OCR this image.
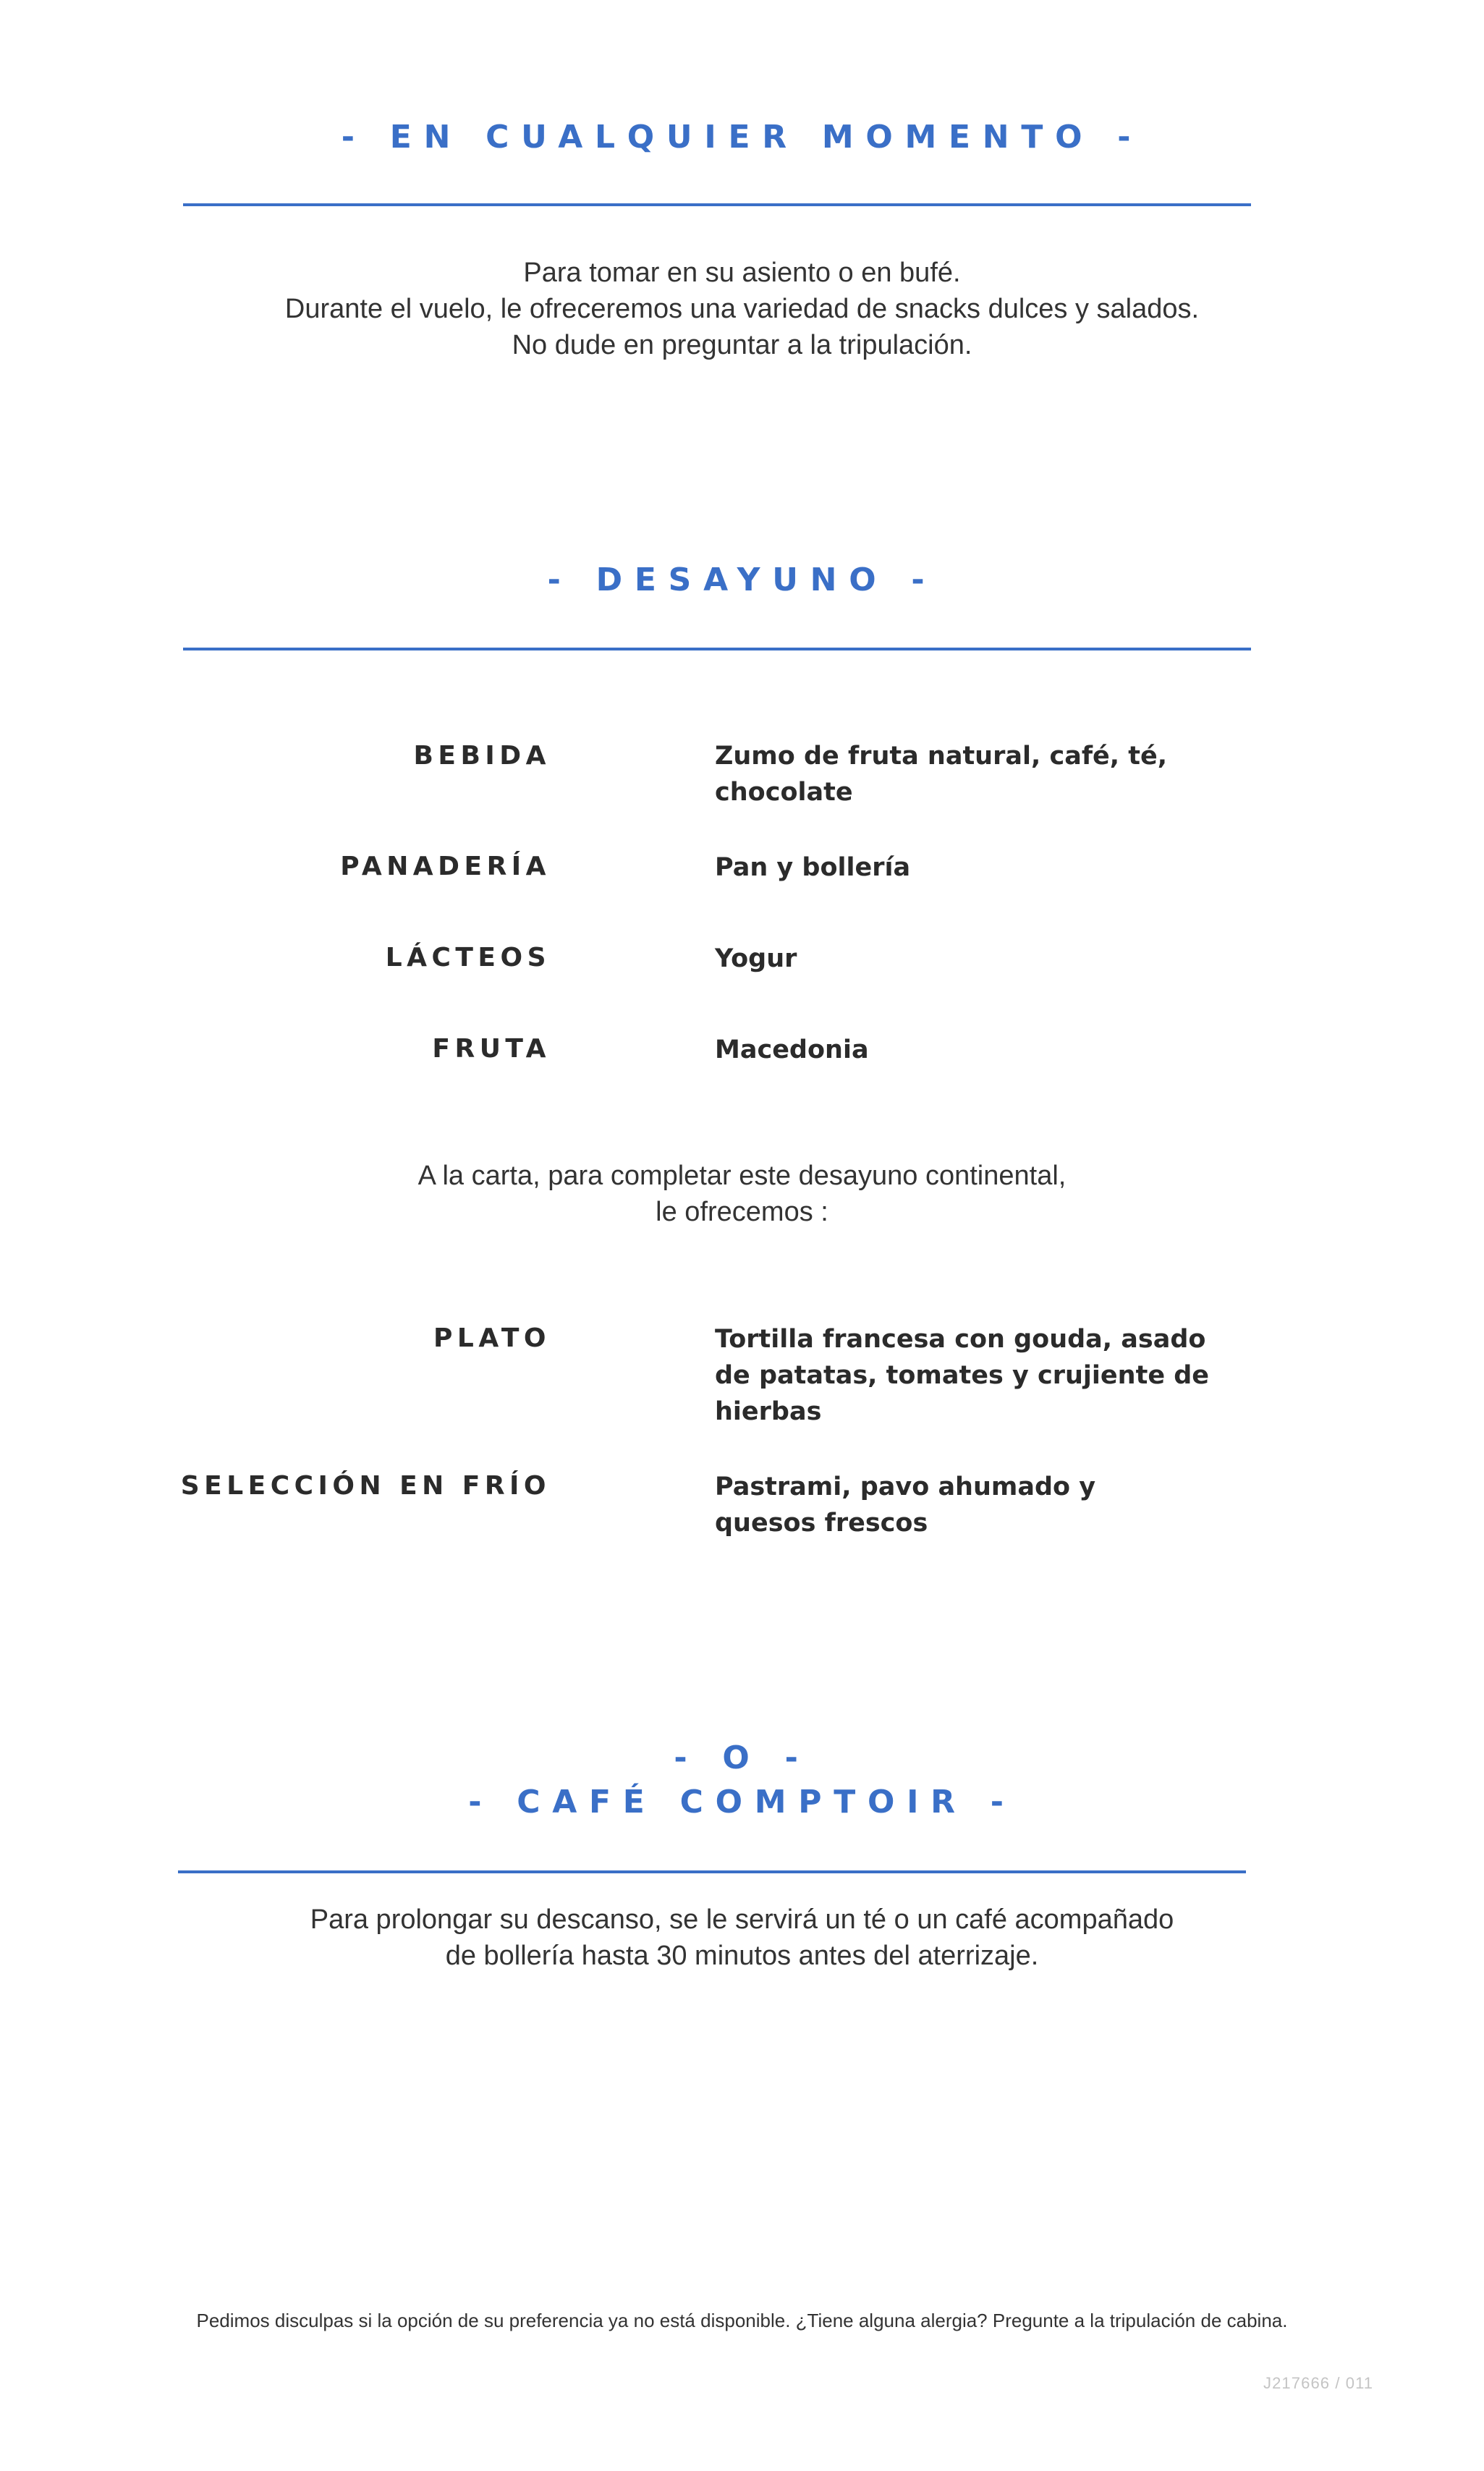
- EN CUALQUIER MOMENTO -
Para tomar en su asiento o en bufé.
Durante el vuelo, le ofreceremos una variedad de snacks dulces y salados.
No dude en preguntar a la tripulación.
- DESAYUNO -
BEBIDA	Zumo de fruta natural, café, té, chocolate
PANADERÍA	Pan y bollería
LÁCTEOS	Yogur
FRUTA	Macedonia
A la carta, para completar este desayuno continental,
le ofrecemos :
PLATO	Tortilla francesa con gouda, asado de patatas, tomates y crujiente de hierbas
SELECCIÓN EN FRÍO	Pastrami, pavo ahumado y quesos frescos
- O -
- CAFÉ COMPTOIR -
Para prolongar su descanso, se le servirá un té o un café acompañado
de bollería hasta 30 minutos antes del aterrizaje.
Pedimos disculpas si la opción de su preferencia ya no está disponible. ¿Tiene alguna alergia? Pregunte a la tripulación de cabina.
J217666 / 011
